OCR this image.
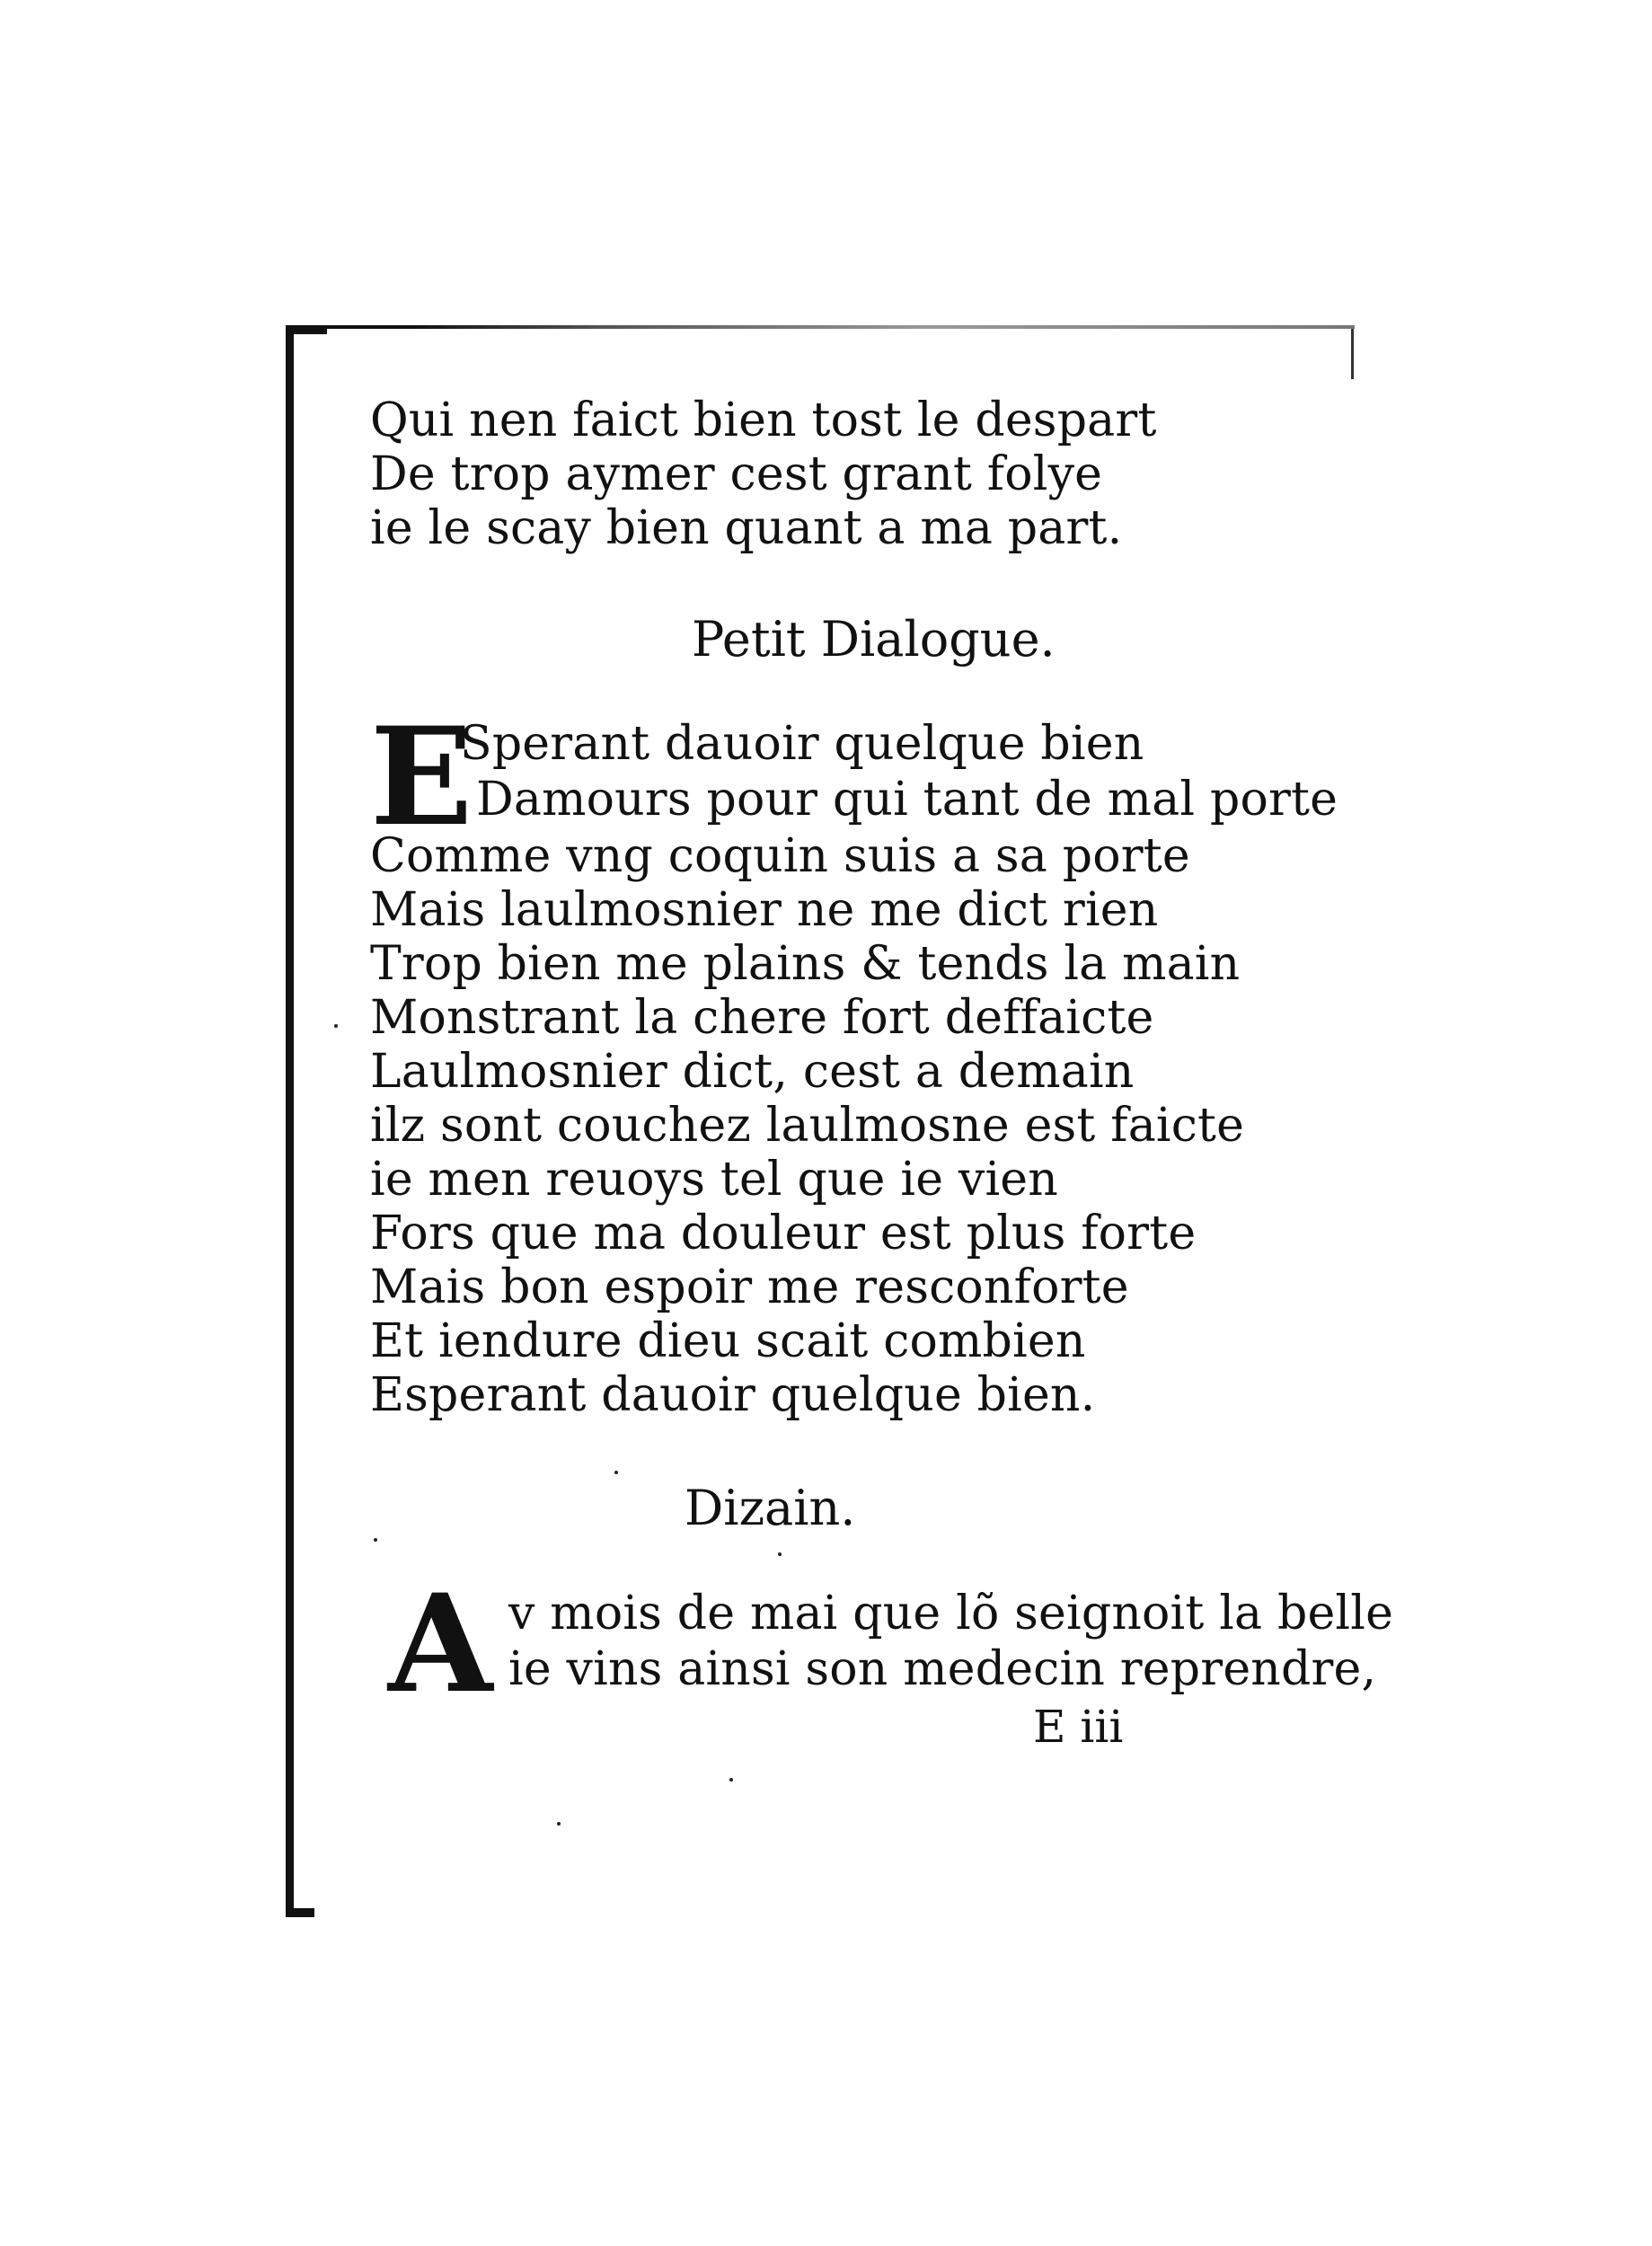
Qui nen faict bien tost le despart
De trop aymer cest grant folye
ie le scay bien quant a ma part.
Petit Dialogue.
E
Sperant dauoir quelque bien
Damours pour qui tant de mal porte
Comme vng coquin suis a sa porte
Mais laulmosnier ne me dict rien
Trop bien me plains & tends la main
Monstrant la chere fort deffaicte
Laulmosnier dict, cest a demain
ilz sont couchez laulmosne est faicte
ie men reuoys tel que ie vien
Fors que ma douleur est plus forte
Mais bon espoir me resconforte
Et iendure dieu scait combien
Esperant dauoir quelque bien.
Dizain.
A v mois de mai que lõ seignoit la belle
ie vins ainsi son medecin reprendre,
E iii
